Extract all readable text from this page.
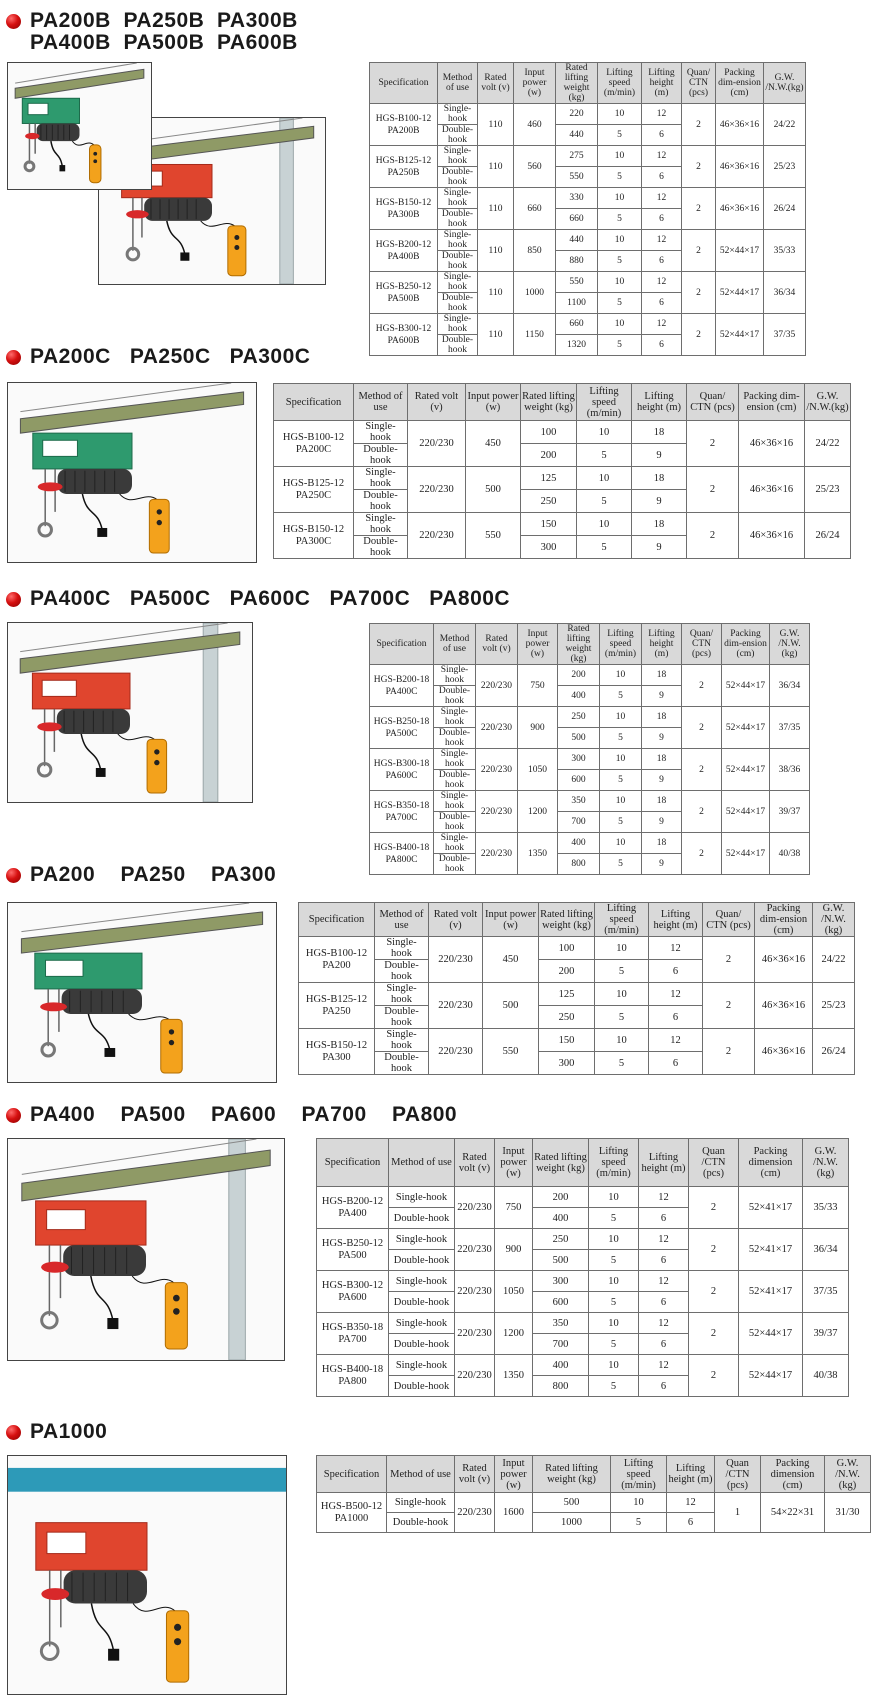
PA200B  PA250B  PA300B
PA400B  PA500B  PA600B
Specification	Method of use	Rated volt (v)	Input power (w)	Rated lifting weight (kg)	Lifting speed (m/min)	Lifting height (m)	Quan/ CTN (pcs)	Packing dim-ension (cm)	G.W. /N.W.(kg)

HGS-B100-12
PA200B	Single-hook	110	460	220	10	12	2	46×36×16	24/22
	Double-hook			440	5	6			

HGS-B125-12
PA250B	Single-hook	110	560	275	10	12	2	46×36×16	25/23
	Double-hook			550	5	6			

HGS-B150-12
PA300B	Single-hook	110	660	330	10	12	2	46×36×16	26/24
	Double-hook			660	5	6			

HGS-B200-12
PA400B	Single-hook	110	850	440	10	12	2	52×44×17	35/33
	Double-hook			880	5	6			

HGS-B250-12
PA500B	Single-hook	110	1000	550	10	12	2	52×44×17	36/34
	Double-hook			1100	5	6			

HGS-B300-12
PA600B	Single-hook	110	1150	660	10	12	2	52×44×17	37/35
	Double-hook			1320	5	6			
PA200C   PA250C   PA300C
Specification	Method of use	Rated volt (v)	Input power (w)	Rated lifting weight (kg)	Lifting speed (m/min)	Lifting height (m)	Quan/ CTN (pcs)	Packing dim-ension (cm)	G.W. /N.W.(kg)

HGS-B100-12
PA200C	Single-hook	220/230	450	100	10	18	2	46×36×16	24/22
	Double-hook			200	5	9			

HGS-B125-12
PA250C	Single-hook	220/230	500	125	10	18	2	46×36×16	25/23
	Double-hook			250	5	9			

HGS-B150-12
PA300C	Single-hook	220/230	550	150	10	18	2	46×36×16	26/24
	Double-hook			300	5	9			
PA400C   PA500C   PA600C   PA700C   PA800C
Specification	Method of use	Rated volt (v)	Input power (w)	Rated lifting weight (kg)	Lifting speed (m/min)	Lifting height (m)	Quan/ CTN (pcs)	Packing dim-ension (cm)	G.W. /N.W.(kg)

HGS-B200-18
PA400C	Single-hook	220/230	750	200	10	18	2	52×44×17	36/34
	Double-hook			400	5	9			

HGS-B250-18
PA500C	Single-hook	220/230	900	250	10	18	2	52×44×17	37/35
	Double-hook			500	5	9			

HGS-B300-18
PA600C	Single-hook	220/230	1050	300	10	18	2	52×44×17	38/36
	Double-hook			600	5	9			

HGS-B350-18
PA700C	Single-hook	220/230	1200	350	10	18	2	52×44×17	39/37
	Double-hook			700	5	9			

HGS-B400-18
PA800C	Single-hook	220/230	1350	400	10	18	2	52×44×17	40/38
	Double-hook			800	5	9			
PA200    PA250    PA300
Specification	Method of use	Rated volt (v)	Input power (w)	Rated lifting weight (kg)	Lifting speed (m/min)	Lifting height (m)	Quan/ CTN (pcs)	Packing dim-ension (cm)	G.W. /N.W.(kg)

HGS-B100-12
PA200	Single-hook	220/230	450	100	10	12	2	46×36×16	24/22
	Double-hook			200	5	6			

HGS-B125-12
PA250	Single-hook	220/230	500	125	10	12	2	46×36×16	25/23
	Double-hook			250	5	6			

HGS-B150-12
PA300	Single-hook	220/230	550	150	10	12	2	46×36×16	26/24
	Double-hook			300	5	6			
PA400    PA500    PA600    PA700    PA800
Specification	Method of use	Rated volt (v)	Input power (w)	Rated lifting weight (kg)	Lifting speed (m/min)	Lifting height (m)	Quan /CTN (pcs)	Packing dimension (cm)	G.W. /N.W. (kg)

HGS-B200-12
PA400	Single-hook	220/230	750	200	10	12	2	52×41×17	35/33
	Double-hook			400	5	6			

HGS-B250-12
PA500	Single-hook	220/230	900	250	10	12	2	52×41×17	36/34
	Double-hook			500	5	6			

HGS-B300-12
PA600	Single-hook	220/230	1050	300	10	12	2	52×41×17	37/35
	Double-hook			600	5	6			

HGS-B350-18
PA700	Single-hook	220/230	1200	350	10	12	2	52×44×17	39/37
	Double-hook			700	5	6			

HGS-B400-18
PA800	Single-hook	220/230	1350	400	10	12	2	52×44×17	40/38
	Double-hook			800	5	6			
PA1000
Specification	Method of use	Rated volt (v)	Input power (w)	Rated lifting weight (kg)	Lifting speed (m/min)	Lifting height (m)	Quan /CTN (pcs)	Packing dimension (cm)	G.W. /N.W. (kg)

HGS-B500-12
PA1000	Single-hook	220/230	1600	500	10	12	1	54×22×31	31/30
	Double-hook			1000	5	6			
